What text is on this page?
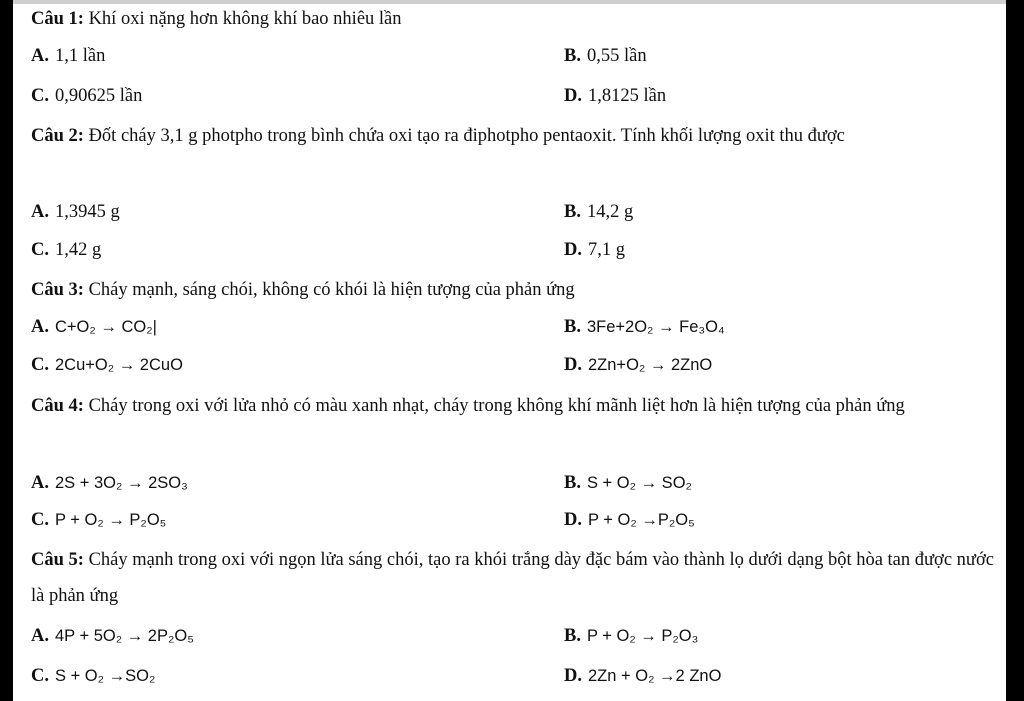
Câu 1: Khí oxi nặng hơn không khí bao nhiêu lần
A. 1,1 lần	B. 0,55 lần
C. 0,90625 lần	D. 1,8125 lần
Câu 2: Đốt cháy 3,1 g photpho trong bình chứa oxi tạo ra điphotpho pentaoxit. Tính khối lượng oxit thu được
A. 1,3945 g	B. 14,2 g
C. 1,42 g	D. 7,1 g
Câu 3: Cháy mạnh, sáng chói, không có khói là hiện tượng của phản ứng
A. C+O₂ → CO₂|	B. 3Fe+2O₂ → Fe₃O₄
C. 2Cu+O₂ → 2CuO	D. 2Zn+O₂ → 2ZnO
Câu 4: Cháy trong oxi với lửa nhỏ có màu xanh nhạt, cháy trong không khí mãnh liệt hơn là hiện tượng của phản ứng
A. 2S + 3O₂ → 2SO₃	B. S + O₂ → SO₂
C. P + O₂ → P₂O₅	D. P + O₂ →P₂O₅
Câu 5: Cháy mạnh trong oxi với ngọn lửa sáng chói, tạo ra khói trắng dày đặc bám vào thành lọ dưới dạng bột hòa tan được nước là phản ứng
A. 4P + 5O₂ → 2P₂O₅	B. P + O₂ → P₂O₃
C. S + O₂ →SO₂	D. 2Zn + O₂ →2 ZnO
